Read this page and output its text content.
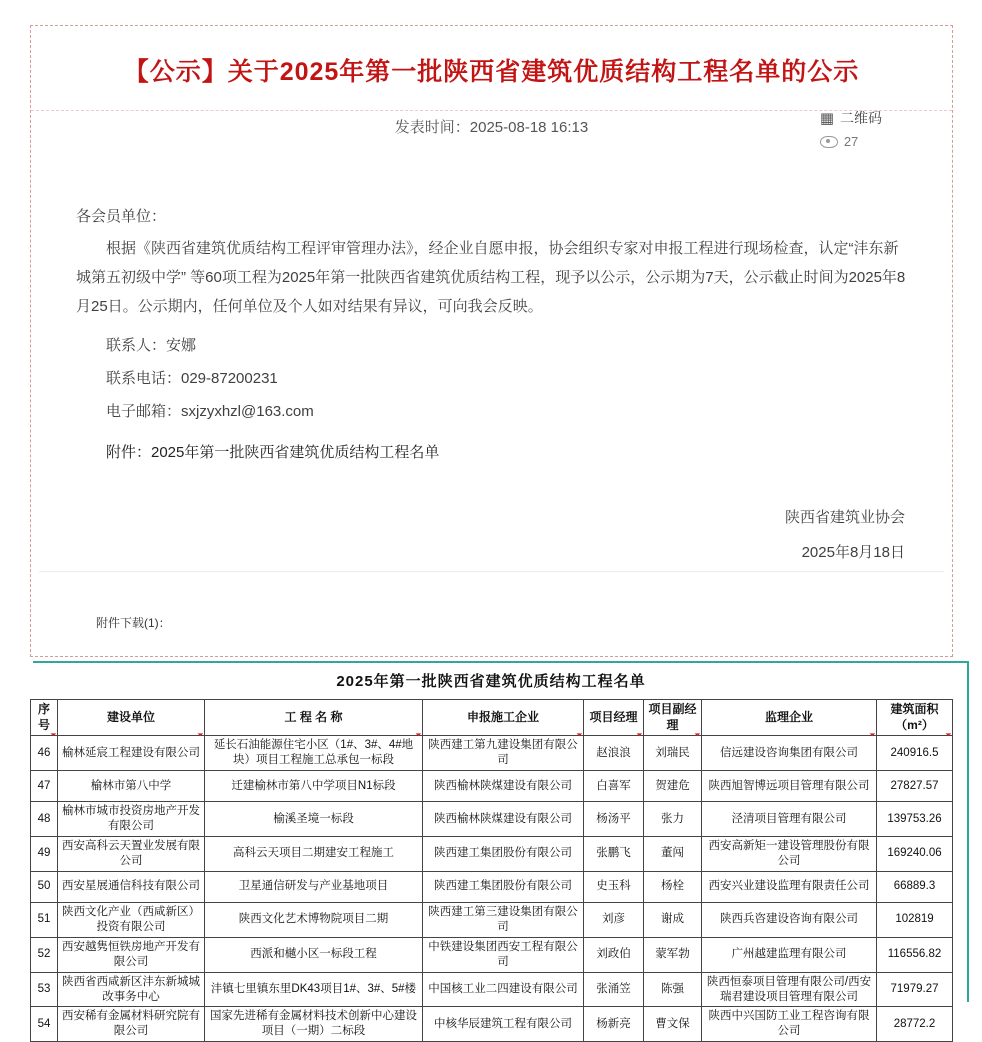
【公示】关于2025年第一批陕西省建筑优质结构工程名单的公示
发表时间：2025-08-18 16:13
▦ 二维码
27
各会员单位：
根据《陕西省建筑优质结构工程评审管理办法》，经企业自愿申报，协会组织专家对申报工程进行现场检查，认定“沣东新城第五初级中学” 等60项工程为2025年第一批陕西省建筑优质结构工程，现予以公示，公示期为7天，公示截止时间为2025年8月25日。公示期内，任何单位及个人如对结果有异议，可向我会反映。
联系人：安娜
联系电话：029-87200231
电子邮箱：sxjzyxhzl@163.com
附件：2025年第一批陕西省建筑优质结构工程名单
陕西省建筑业协会
2025年8月18日
附件下载(1)：
2025年第一批陕西省建筑优质结构工程名单
序号	建设单位	工 程 名 称	申报施工企业	项目经理	项目副经理	监理企业	建筑面积（m²）

46	榆林延宸工程建设有限公司	延长石油能源住宅小区（1#、3#、4#地块）项目工程施工总承包一标段	陕西建工第九建设集团有限公司	赵浪浪	刘瑞民	信远建设咨询集团有限公司	240916.5
47	榆林市第八中学	迁建榆林市第八中学项目N1标段	陕西榆林陕煤建设有限公司	白喜军	贺建危	陕西旭智博远项目管理有限公司	27827.57
48	榆林市城市投资房地产开发有限公司	榆溪圣境一标段	陕西榆林陕煤建设有限公司	杨汤平	张力	泾清项目管理有限公司	139753.26
49	西安高科云天置业发展有限公司	高科云天项目二期建安工程施工	陕西建工集团股份有限公司	张鹏飞	董闯	西安高新矩一建设管理股份有限公司	169240.06
50	西安星展通信科技有限公司	卫星通信研发与产业基地项目	陕西建工集团股份有限公司	史玉科	杨栓	西安兴业建设监理有限责任公司	66889.3
51	陕西文化产业（西咸新区）投资有限公司	陕西文化艺术博物院项目二期	陕西建工第三建设集团有限公司	刘彦	谢成	陕西兵咨建设咨询有限公司	102819
52	西安越隽恒铁房地产开发有限公司	西派和樾小区一标段工程	中铁建设集团西安工程有限公司	刘政伯	蒙军勃	广州越建监理有限公司	116556.82
53	陕西省西咸新区沣东新城城改事务中心	沣镇七里镇东里DK43项目1#、3#、5#楼	中国核工业二四建设有限公司	张涌笠	陈强	陕西恒泰项目管理有限公司/西安瑞君建设项目管理有限公司	71979.27
54	西安稀有金属材料研究院有限公司	国家先进稀有金属材料技术创新中心建设项目（一期）二标段	中核华辰建筑工程有限公司	杨新亮	曹文保	陕西中兴国防工业工程咨询有限公司	28772.2
